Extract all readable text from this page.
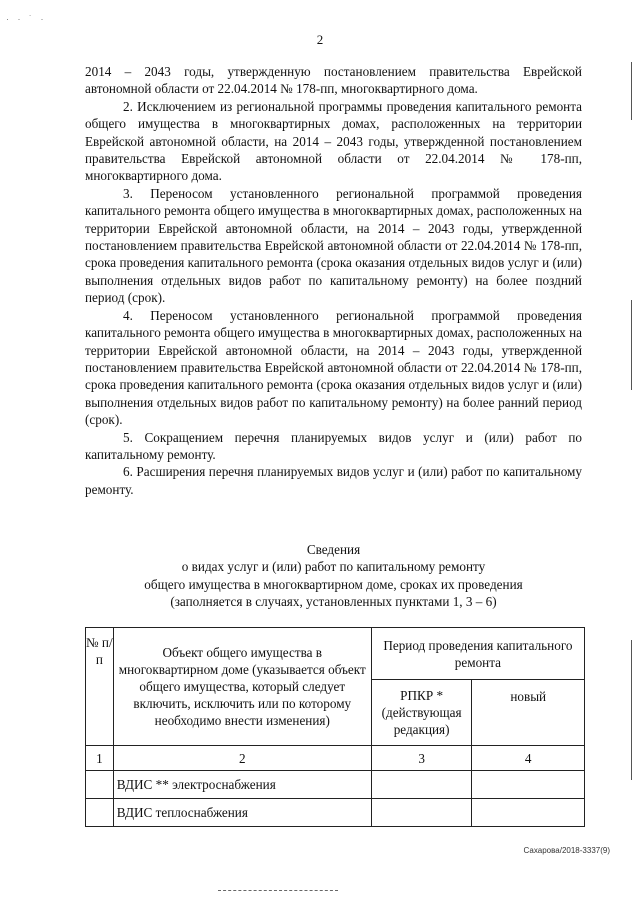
· · ˙ ·
2

2014 – 2043 годы, утвержденную постановлением правительства Еврейской автономной области от 22.04.2014 № 178-пп, многоквартирного дома.

2. Исключением из региональной программы проведения капитального ремонта общего имущества в многоквартирных домах, расположенных на территории Еврейской автономной области, на 2014 – 2043 годы, утвержденной постановлением правительства Еврейской автономной области от 22.04.2014 № 178-пп, многоквартирного дома.

3. Переносом установленного региональной программой проведения капитального ремонта общего имущества в многоквартирных домах, расположенных на территории Еврейской автономной области, на 2014 – 2043 годы, утвержденной постановлением правительства Еврейской автономной области от 22.04.2014 № 178-пп, срока проведения капитального ремонта (срока оказания отдельных видов услуг и (или) выполнения отдельных видов работ по капитальному ремонту) на более поздний период (срок).

4. Переносом установленного региональной программой проведения капитального ремонта общего имущества в многоквартирных домах, расположенных на территории Еврейской автономной области, на 2014 – 2043 годы, утвержденной постановлением правительства Еврейской автономной области от 22.04.2014 № 178-пп, срока проведения капитального ремонта (срока оказания отдельных видов услуг и (или) выполнения отдельных видов работ по капитальному ремонту) на более ранний период (срок).

5. Сокращением перечня планируемых видов услуг и (или) работ по капитальному ремонту.

6. Расширения перечня планируемых видов услуг и (или) работ по капитальному ремонту.

Сведения
о видах услуг и (или) работ по капитальному ремонту
общего имущества в многоквартирном доме, сроках их проведения
(заполняется в случаях, установленных пунктами 1, 3 – 6)
№ п/п	Объект общего имущества в многоквартирном доме (указывается объект общего имущества, который следует включить, исключить или по которому необходимо внести изменения)	Период проведения капитального ремонта	
		РПКР * (действующая редакция)	новый
1	2	3	4
	ВДИС ** электроснабжения		
	ВДИС теплоснабжения		
Сахарова/2018-3337(9)
